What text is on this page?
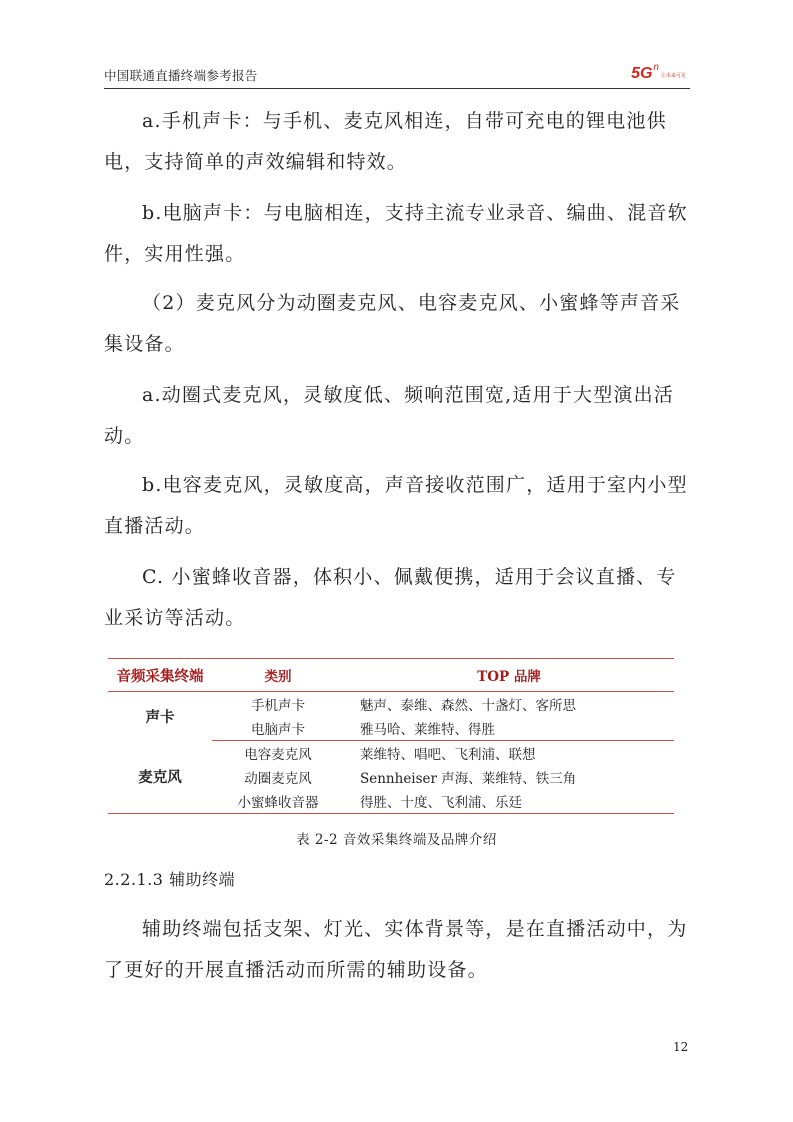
中国联通直播终端参考报告	5G n
让未来可见

a.手机声卡：与手机、麦克风相连，自带可充电的锂电池供电，支持简单的声效编辑和特效。

b.电脑声卡：与电脑相连，支持主流专业录音、编曲、混音软件，实用性强。

（2）麦克风分为动圈麦克风、电容麦克风、小蜜蜂等声音采集设备。

a.动圈式麦克风，灵敏度低、频响范围宽,适用于大型演出活动。

b.电容麦克风，灵敏度高，声音接收范围广，适用于室内小型直播活动。

C. 小蜜蜂收音器，体积小、佩戴便携，适用于会议直播、专业采访等活动。

音频采集终端	类别	TOP 品牌
声卡	手机声卡	魅声、泰维、森然、十盏灯、客所思
	电脑声卡	雅马哈、莱维特、得胜
麦克风	电容麦克风	莱维特、唱吧、飞利浦、联想
	动圈麦克风	Sennheiser 声海、莱维特、铁三角
	小蜜蜂收音器	得胜、十度、飞利浦、乐廷
表 2-2 音效采集终端及品牌介绍
2.2.1.3 辅助终端

辅助终端包括支架、灯光、实体背景等，是在直播活动中，为了更好的开展直播活动而所需的辅助设备。

12
